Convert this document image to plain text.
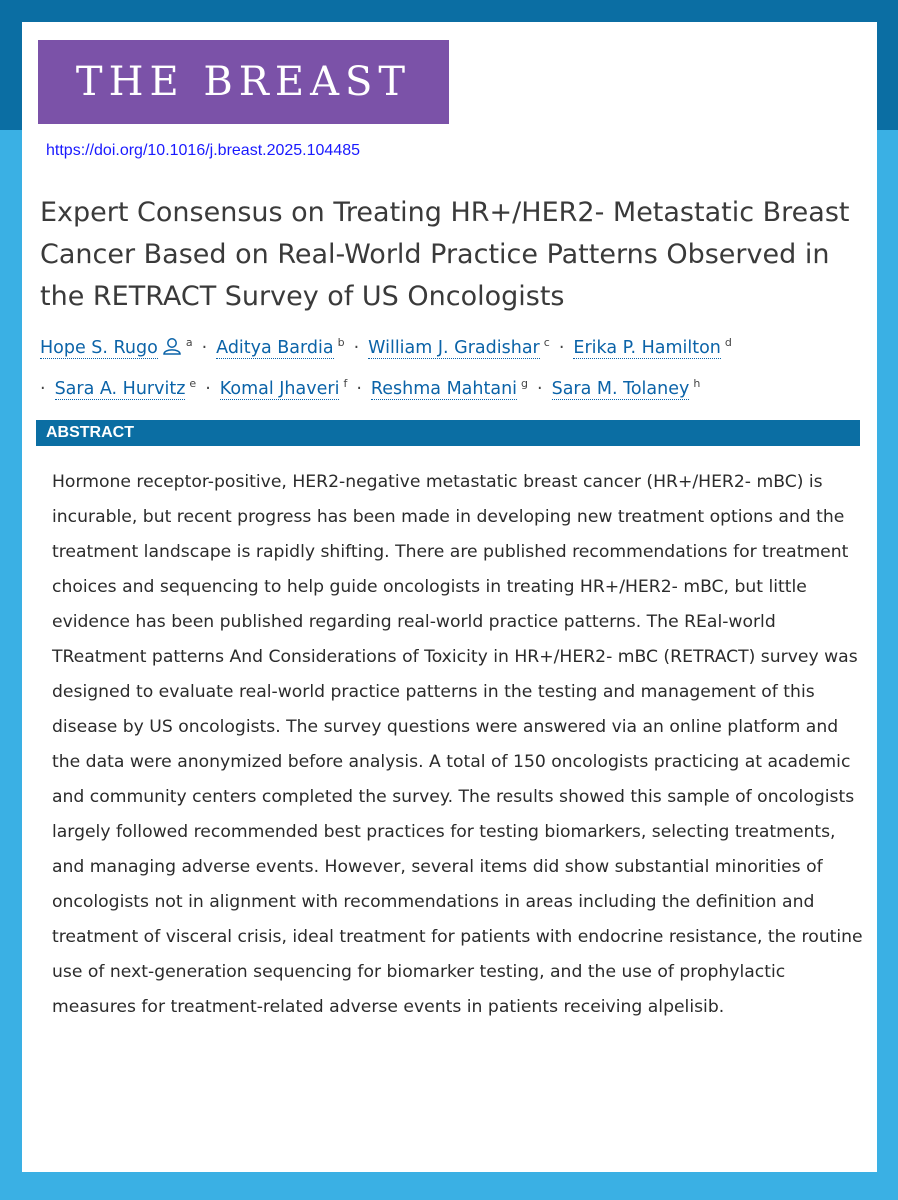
THE BREAST
https://doi.org/10.1016/j.breast.2025.104485
Expert Consensus on Treating HR+/HER2- Metastatic Breast Cancer Based on Real-World Practice Patterns Observed in the RETRACT Survey of US Oncologists
Hope S. Rugo	$^a$ · Aditya Bardia $^b$ · William J. Gradishar $^c$ · Erika P. Hamilton $^d$
· Sara A. Hurvitz $^e$ · Komal Jhaveri $^f$ · Reshma Mahtani $^g$ · Sara M. Tolaney $^h$
ABSTRACT

Hormone receptor-positive, HER2-negative metastatic breast cancer (HR+/HER2- mBC) is incurable, but recent progress has been made in developing new treatment options and the treatment landscape is rapidly shifting. There are published recommendations for treatment choices and sequencing to help guide oncologists in treating HR+/HER2- mBC, but little evidence has been published regarding real-world practice patterns. The REal-world TReatment patterns And Considerations of Toxicity in HR+/HER2- mBC (RETRACT) survey was designed to evaluate real-world practice patterns in the testing and management of this disease by US oncologists. The survey questions were answered via an online platform and the data were anonymized before analysis. A total of 150 oncologists practicing at academic and community centers completed the survey. The results showed this sample of oncologists largely followed recommended best practices for testing biomarkers, selecting treatments, and managing adverse events. However, several items did show substantial minorities of oncologists not in alignment with recommendations in areas including the definition and treatment of visceral crisis, ideal treatment for patients with endocrine resistance, the routine use of next-generation sequencing for biomarker testing, and the use of prophylactic measures for treatment-related adverse events in patients receiving alpelisib.
